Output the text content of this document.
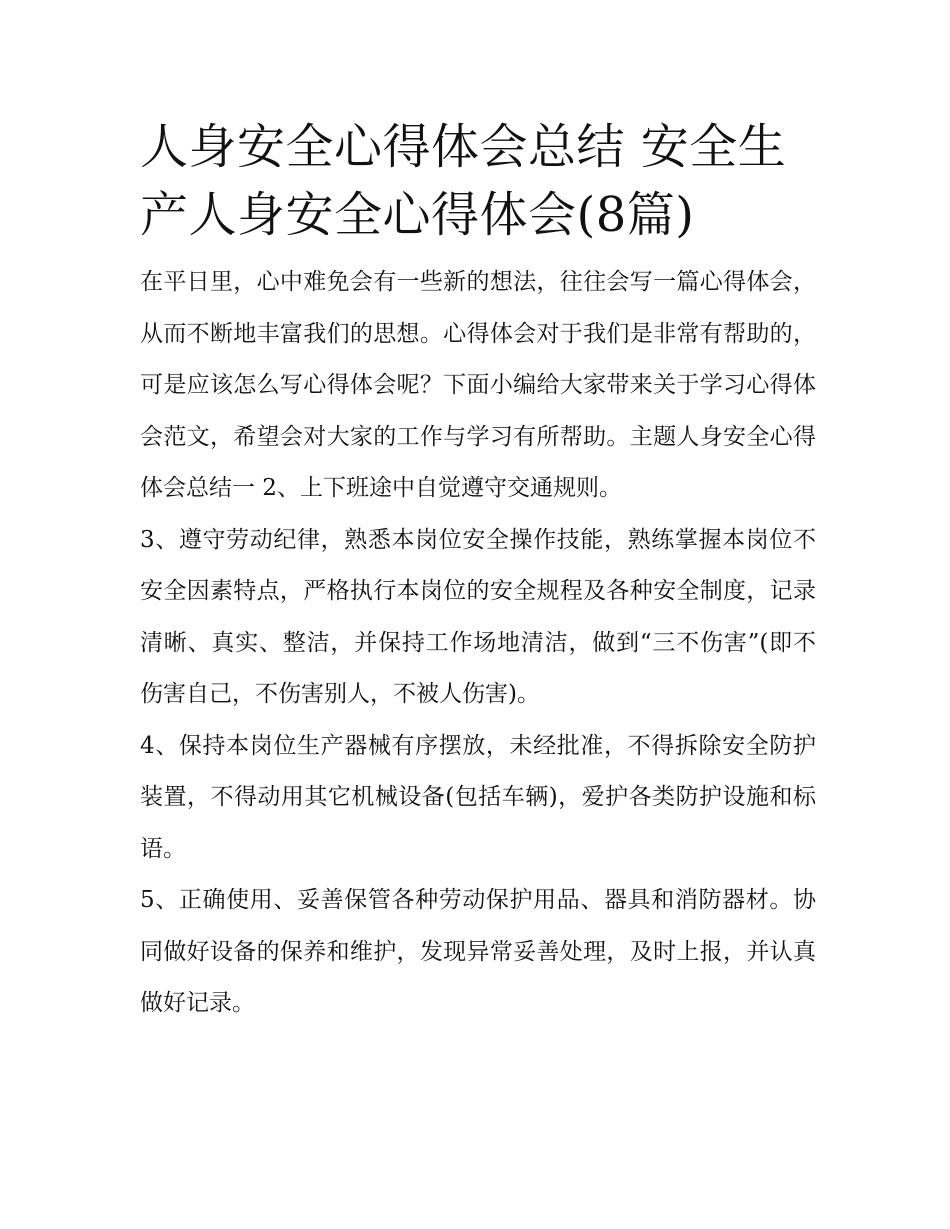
人身安全心得体会总结 安全生产人身安全心得体会(8篇)

在平日里，心中难免会有一些新的想法，往往会写一篇心得体会，从而不断地丰富我们的思想。心得体会对于我们是非常有帮助的，可是应该怎么写心得体会呢？下面小编给大家带来关于学习心得体会范文，希望会对大家的工作与学习有所帮助。主题人身安全心得体会总结一 2、上下班途中自觉遵守交通规则。

3、遵守劳动纪律，熟悉本岗位安全操作技能，熟练掌握本岗位不安全因素特点，严格执行本岗位的安全规程及各种安全制度，记录清晰、真实、整洁，并保持工作场地清洁，做到“三不伤害”(即不伤害自己，不伤害别人，不被人伤害)。

4、保持本岗位生产器械有序摆放，未经批准，不得拆除安全防护装置，不得动用其它机械设备(包括车辆)，爱护各类防护设施和标语。

5、正确使用、妥善保管各种劳动保护用品、器具和消防器材。协同做好设备的保养和维护，发现异常妥善处理，及时上报，并认真做好记录。
